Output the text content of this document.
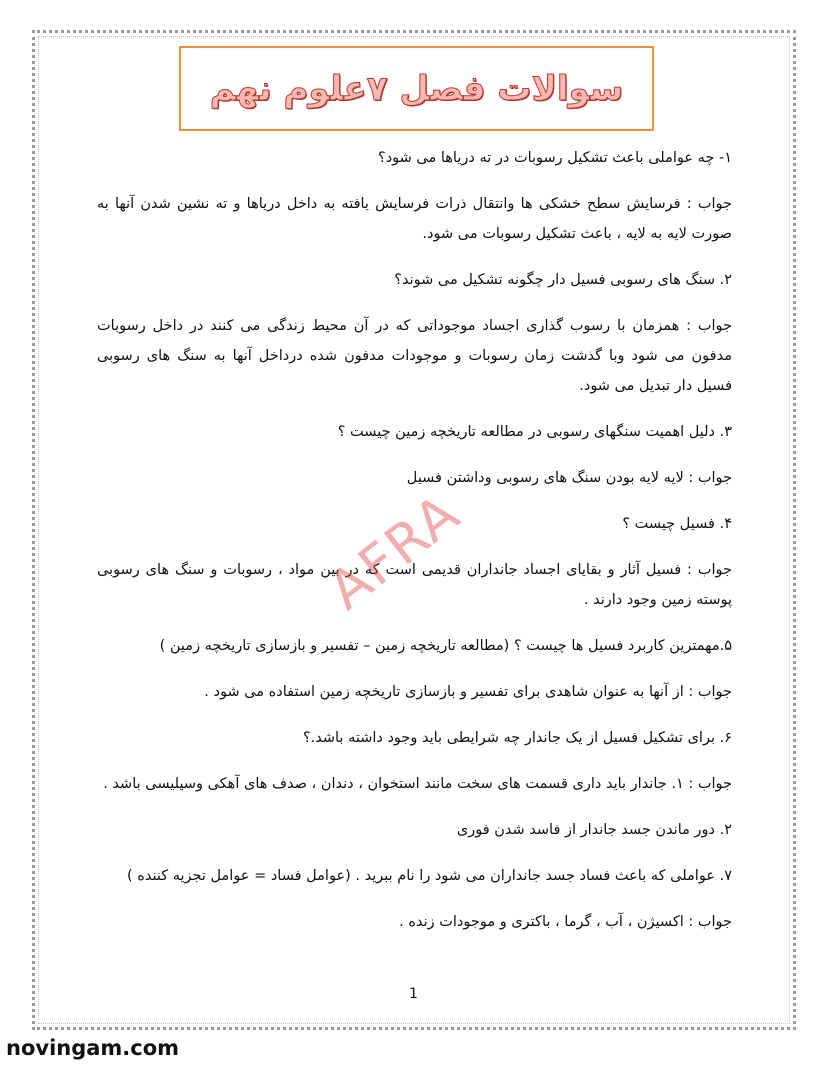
سوالات فصل ۷علوم نهم

۱- چه عواملی باعث تشکیل رسوبات در ته دریاها می شود؟

جواب : فرسایش سطح خشکی ها وانتقال ذرات فرسایش یافته به داخل دریاها و ته نشین شدن آنها به صورت لایه به لایه ، باعث تشکیل رسوبات می شود.

۲. سنگ های رسوبی فسیل دار چگونه تشکیل می شوند؟

جواب : همزمان با رسوب گذاری اجساد موجوداتی که در آن محیط زندگی می کنند در داخل رسوبات مدفون می شود وبا گذشت زمان رسوبات و موجودات مدفون شده درداخل آنها به سنگ های رسوبی فسیل دار تبدیل می شود.

۳. دلیل اهمیت سنگهای رسوبی در مطالعه تاریخچه زمین چیست ؟

جواب : لایه لایه بودن سنگ های رسوبی وداشتن فسیل

۴. فسیل چیست ؟

جواب : فسیل آثار و بقایای اجساد جانداران قدیمی است که در بین مواد ، رسوبات و سنگ های رسوبی پوسته زمین وجود دارند .

۵.مهمترین کاربرد فسیل ها چیست ؟ (مطالعه تاریخچه زمین – تفسیر و بازسازی تاریخچه زمین )

جواب : از آنها به عنوان شاهدی برای تفسیر و بازسازی تاریخچه زمین استفاده می شود .

۶. برای تشکیل فسیل از یک جاندار چه شرایطی باید وجود داشته باشد.؟

جواب : ۱. جاندار باید داری قسمت های سخت مانند استخوان ، دندان ، صدف های آهکی وسیلیسی باشد .

۲. دور ماندن جسد جاندار از فاسد شدن فوری

۷. عواملی که باعث فساد جسد جانداران می شود را نام ببرید . (عوامل فساد = عوامل تجزیه کننده )

جواب : اکسیژن ، آب ، گرما ، باکتری و موجودات زنده .

AFRA
1
novingam.com
